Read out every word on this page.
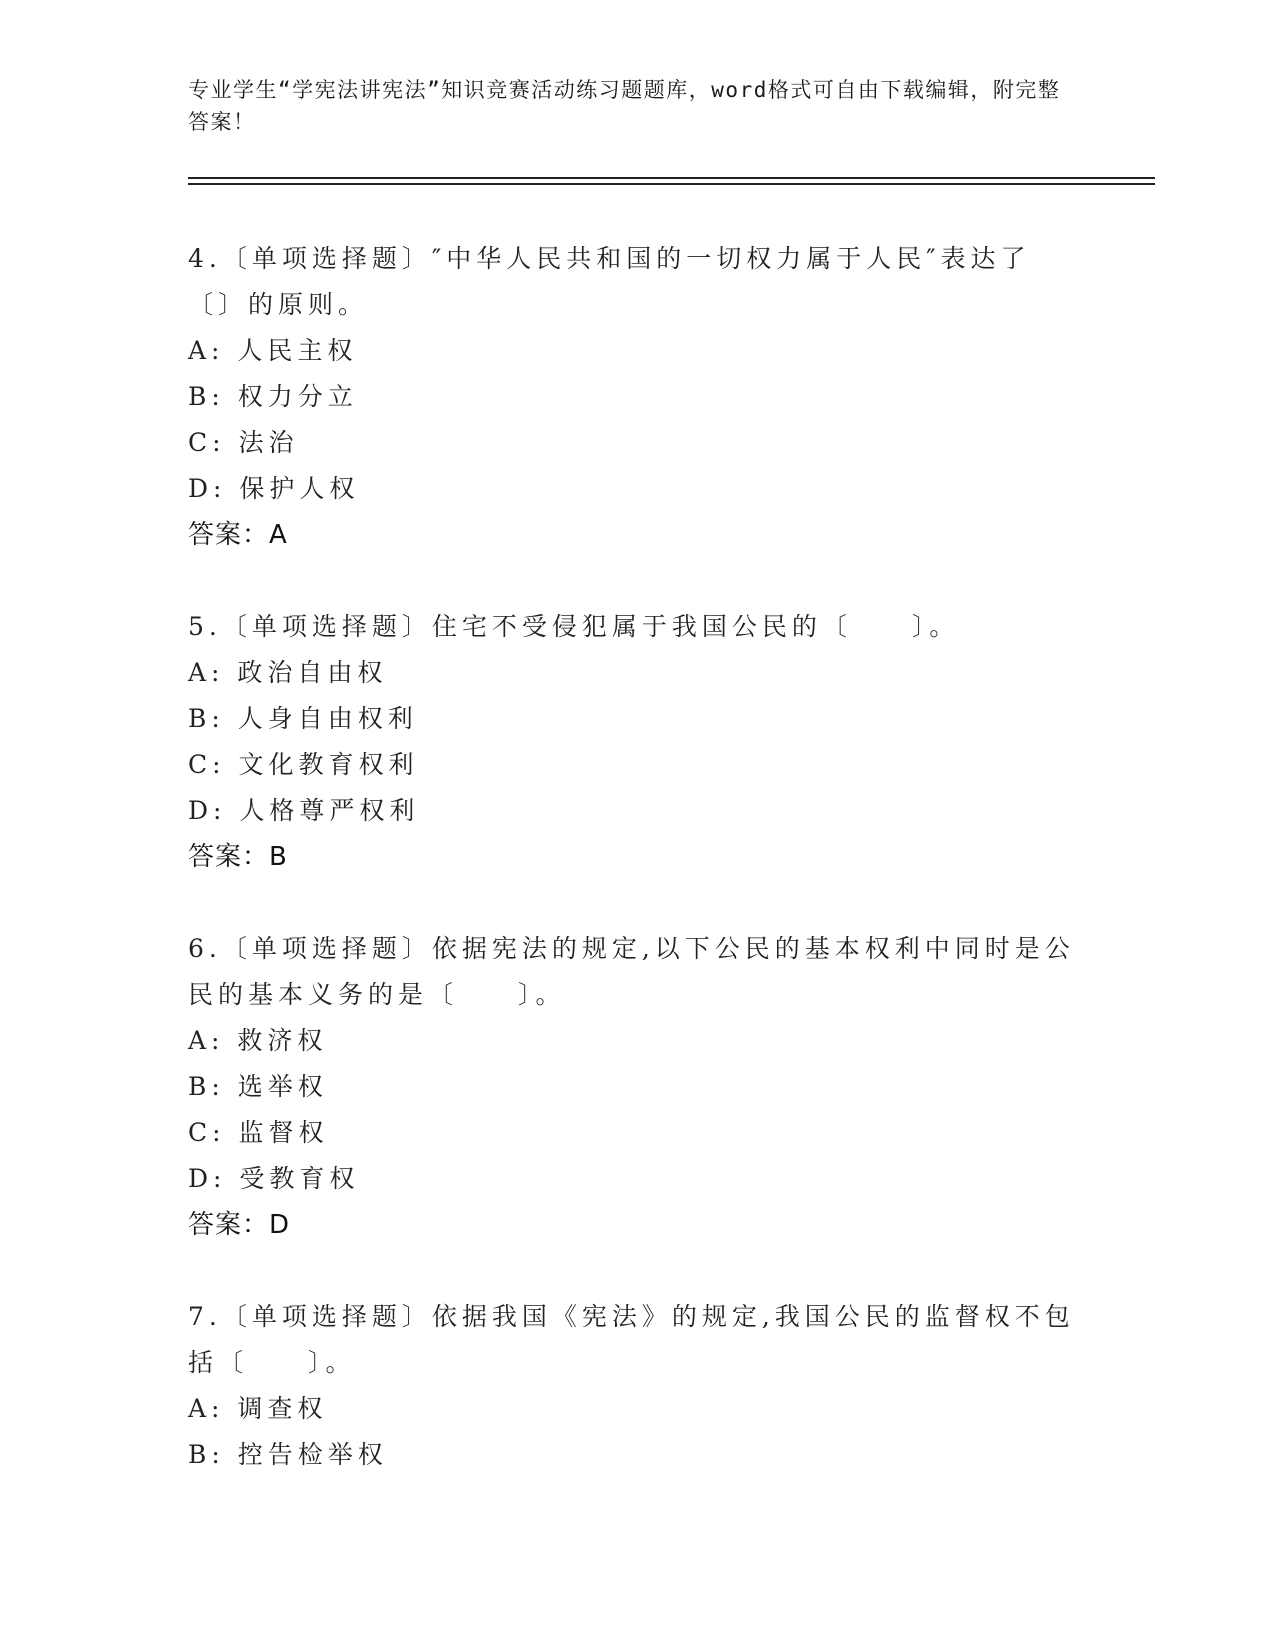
专业学生“学宪法讲宪法”知识竞赛活动练习题题库，word格式可自由下载编辑，附完整答案！
4.〔单项选择题〕″中华人民共和国的一切权力属于人民″表达了〔〕的原则。
A: 人民主权
B: 权力分立
C: 法治
D: 保护人权
答案：A
5.〔单项选择题〕住宅不受侵犯属于我国公民的〔　　〕。
A: 政治自由权
B: 人身自由权利
C: 文化教育权利
D: 人格尊严权利
答案：B
6.〔单项选择题〕依据宪法的规定,以下公民的基本权利中同时是公民的基本义务的是〔　　〕。
A: 救济权
B: 选举权
C: 监督权
D: 受教育权
答案：D
7.〔单项选择题〕依据我国《宪法》的规定,我国公民的监督权不包括〔　　〕。
A: 调查权
B: 控告检举权
